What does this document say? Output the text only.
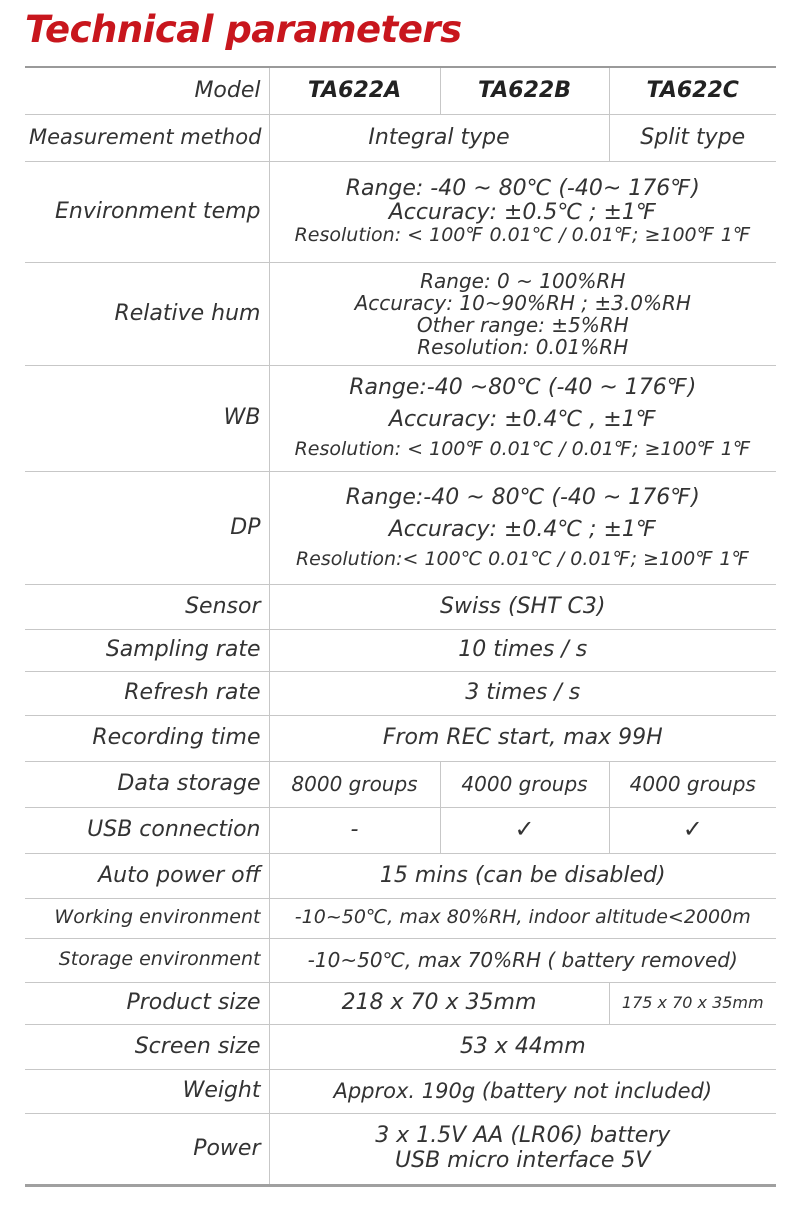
Technical parameters
Model	TA622A	TA622B	TA622C
Measurement method	Integral type		Split type
Environment temp	Range: -40 ~ 80℃ (-40~ 176℉)
Accuracy: ±0.5℃ ; ±1℉
Resolution: < 100℉ 0.01℃ / 0.01℉; ≥100℉ 1℉		

Relative hum	Range: 0 ~ 100%RH
Accuracy: 10~90%RH ; ±3.0%RH
Other range: ±5%RH
Resolution: 0.01%RH		

WB	Range:-40 ~80℃ (-40 ~ 176℉)
Accuracy: ±0.4℃ , ±1℉
Resolution: < 100℉ 0.01℃ / 0.01℉; ≥100℉ 1℉		

DP	Range:-40 ~ 80℃ (-40 ~ 176℉)
Accuracy: ±0.4℃ ; ±1℉
Resolution:< 100℃ 0.01℃ / 0.01℉; ≥100℉ 1℉		

Sensor	Swiss (SHT C3)		
Sampling rate	10 times / s		
Refresh rate	3 times / s		
Recording time	From REC start, max 99H		
Data storage	8000 groups	4000 groups	4000 groups
USB connection	-	✓	✓
Auto power off	15 mins (can be disabled)		
Working environment	-10~50℃, max 80%RH, indoor altitude<2000m		
Storage environment	-10~50℃, max 70%RH ( battery removed)		
Product size	218 x 70 x 35mm		175 x 70 x 35mm
Screen size	53 x 44mm		
Weight	Approx. 190g (battery not included)		
Power	3 x 1.5V AA (LR06) battery
USB micro interface 5V		
